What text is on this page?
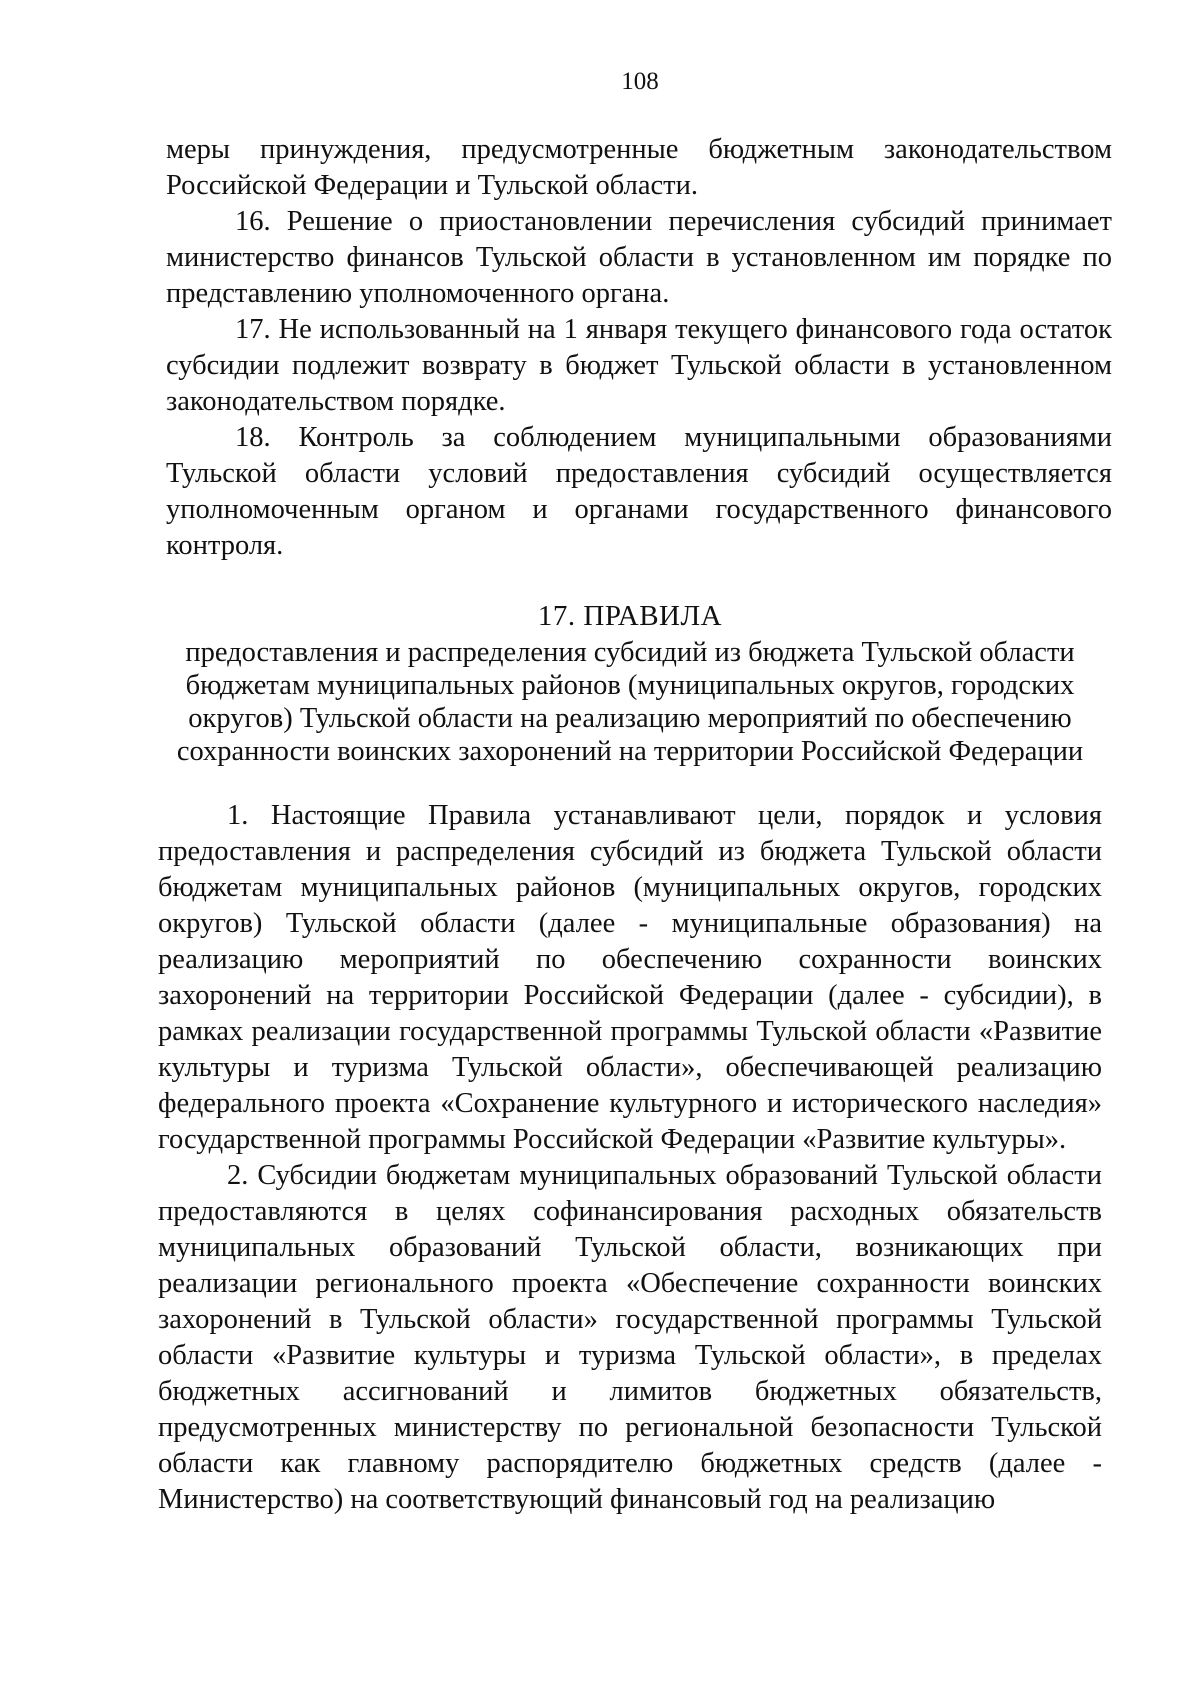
108

меры принуждения, предусмотренные бюджетным законодательством Российской Федерации и Тульской области.

16. Решение о приостановлении перечисления субсидий принимает министерство финансов Тульской области в установленном им порядке по представлению уполномоченного органа.

17. Не использованный на 1 января текущего финансового года остаток субсидии подлежит возврату в бюджет Тульской области в установленном законодательством порядке.

18. Контроль за соблюдением муниципальными образованиями Тульской области условий предоставления субсидий осуществляется уполномоченным органом и органами государственного финансового контроля.

17. ПРАВИЛА
предоставления и распределения субсидий из бюджета Тульской области
бюджетам муниципальных районов (муниципальных округов, городских
округов) Тульской области на реализацию мероприятий по обеспечению
сохранности воинских захоронений на территории Российской Федерации

1. Настоящие Правила устанавливают цели, порядок и условия предоставления и распределения субсидий из бюджета Тульской области бюджетам муниципальных районов (муниципальных округов, городских округов) Тульской области (далее - муниципальные образования) на реализацию мероприятий по обеспечению сохранности воинских захоронений на территории Российской Федерации (далее - субсидии), в рамках реализации государственной программы Тульской области «Развитие культуры и туризма Тульской области», обеспечивающей реализацию федерального проекта «Сохранение культурного и исторического наследия» государственной программы Российской Федерации «Развитие культуры».

2. Субсидии бюджетам муниципальных образований Тульской области предоставляются в целях софинансирования расходных обязательств муниципальных образований Тульской области, возникающих при реализации регионального проекта «Обеспечение сохранности воинских захоронений в Тульской области» государственной программы Тульской области «Развитие культуры и туризма Тульской области», в пределах бюджетных ассигнований и лимитов бюджетных обязательств, предусмотренных министерству по региональной безопасности Тульской области как главному распорядителю бюджетных средств (далее - Министерство) на соответствующий финансовый год на реализацию
